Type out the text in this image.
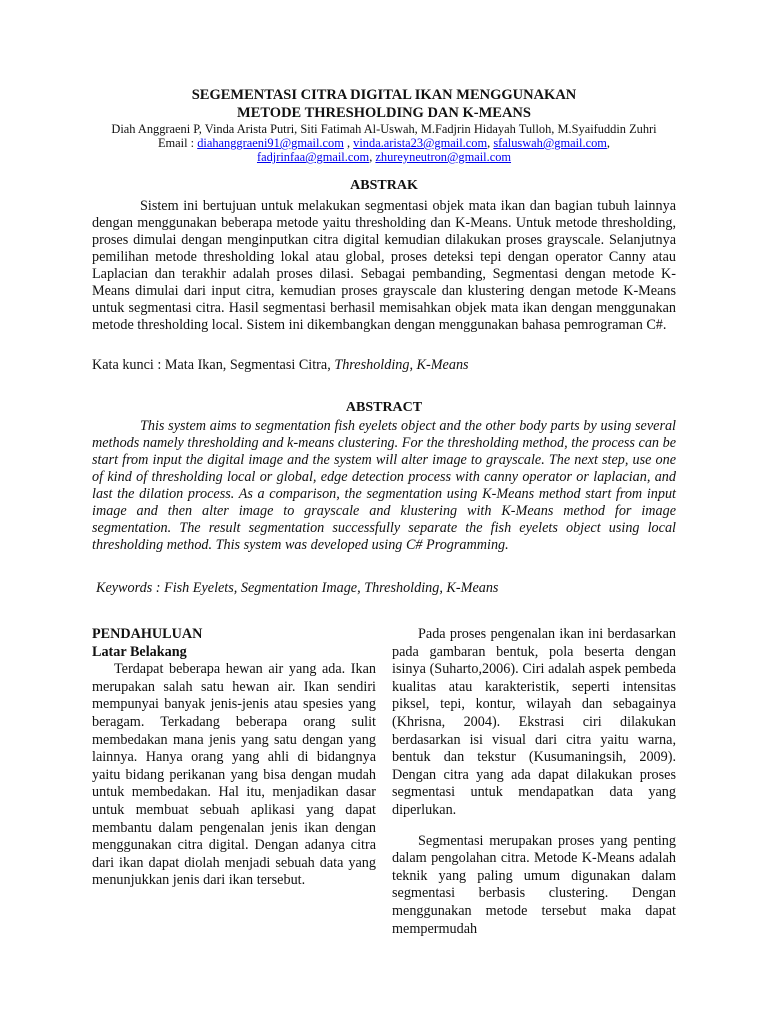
SEGEMENTASI CITRA DIGITAL IKAN MENGGUNAKAN
METODE THRESHOLDING DAN K-MEANS
Diah Anggraeni P, Vinda Arista Putri, Siti Fatimah Al-Uswah, M.Fadjrin Hidayah Tulloh, M.Syaifuddin Zuhri
Email : diahanggraeni91@gmail.com , vinda.arista23@gmail.com, sfaluswah@gmail.com,
fadjrinfaa@gmail.com, zhureyneutron@gmail.com
ABSTRAK

Sistem ini bertujuan untuk melakukan segmentasi objek mata ikan dan bagian tubuh lainnya dengan menggunakan beberapa metode yaitu thresholding dan K-Means. Untuk metode thresholding, proses dimulai dengan menginputkan citra digital kemudian dilakukan proses grayscale. Selanjutnya pemilihan metode thresholding lokal atau global, proses deteksi tepi dengan operator Canny atau Laplacian dan terakhir adalah proses dilasi. Sebagai pembanding, Segmentasi dengan metode K-Means dimulai dari input citra, kemudian proses grayscale dan klustering dengan metode K-Means untuk segmentasi citra. Hasil segmentasi berhasil memisahkan objek mata ikan dengan menggunakan metode thresholding local. Sistem ini dikembangkan dengan menggunakan bahasa pemrograman C#.

Kata kunci : Mata Ikan, Segmentasi Citra, Thresholding, K-Means
ABSTRACT

This system aims to segmentation fish eyelets object and the other body parts by using several methods namely thresholding and k-means clustering. For the thresholding method, the process can be start from input the digital image and the system will alter image to grayscale. The next step, use one of kind of thresholding local or global, edge detection process with canny operator or laplacian, and last the dilation process. As a comparison, the segmentation using K-Means method start from input image and then alter image to grayscale and klustering with K-Means method for image segmentation. The result segmentation successfully separate the fish eyelets object using local thresholding method. This system was developed using C# Programming.

Keywords : Fish Eyelets, Segmentation Image, Thresholding, K-Means

PENDAHULUAN

Latar Belakang

Terdapat beberapa hewan air yang ada. Ikan merupakan salah satu hewan air. Ikan sendiri mempunyai banyak jenis-jenis atau spesies yang beragam. Terkadang beberapa orang sulit membedakan mana jenis yang satu dengan yang lainnya. Hanya orang yang ahli di bidangnya yaitu bidang perikanan yang bisa dengan mudah untuk membedakan. Hal itu, menjadikan dasar untuk membuat sebuah aplikasi yang dapat membantu dalam pengenalan jenis ikan dengan menggunakan citra digital. Dengan adanya citra dari ikan dapat diolah menjadi sebuah data yang menunjukkan jenis dari ikan tersebut.

Pada proses pengenalan ikan ini berdasarkan pada gambaran bentuk, pola beserta dengan isinya (Suharto,2006). Ciri adalah aspek pembeda kualitas atau karakteristik, seperti intensitas piksel, tepi, kontur, wilayah dan sebagainya (Khrisna, 2004). Ekstrasi ciri dilakukan berdasarkan isi visual dari citra yaitu warna, bentuk dan tekstur (Kusumaningsih, 2009). Dengan citra yang ada dapat dilakukan proses segmentasi untuk mendapatkan data yang diperlukan.

Segmentasi merupakan proses yang penting dalam pengolahan citra. Metode K-Means adalah teknik yang paling umum digunakan dalam segmentasi berbasis clustering. Dengan menggunakan metode tersebut maka dapat mempermudah
